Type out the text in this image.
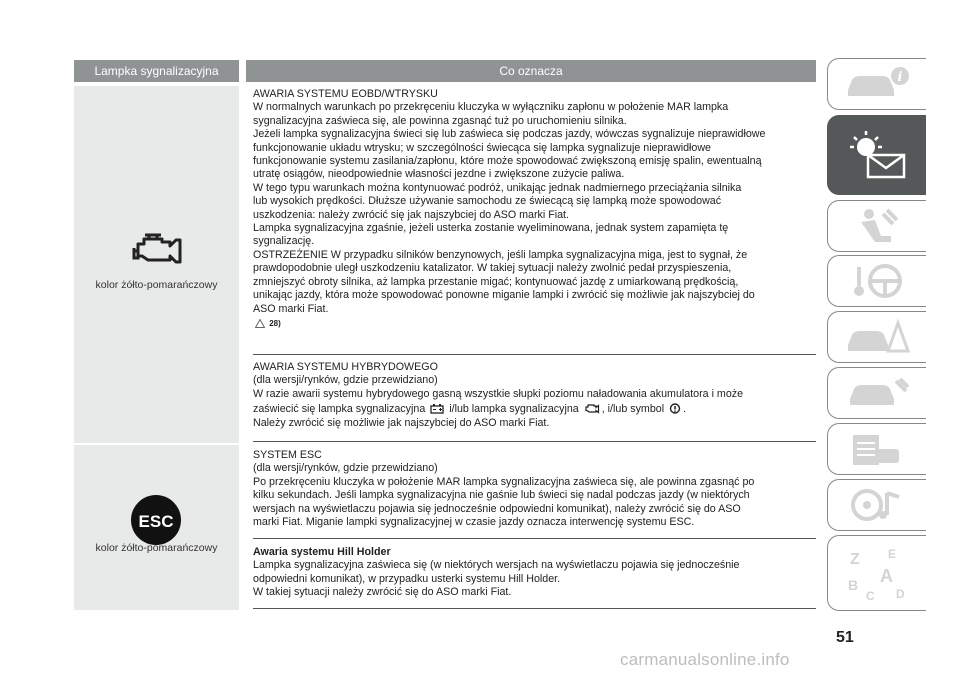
Lampka sygnalizacyjna	Co oznacza
kolor żółto-pomarańczowy
ESC
kolor żółto-pomarańczowy

AWARIA SYSTEMU EOBD/WTRYSKU

W normalnych warunkach po przekręceniu kluczyka w wyłączniku zapłonu w położenie MAR lampka

sygnalizacyjna zaświeca się, ale powinna zgasnąć tuż po uruchomieniu silnika.

Jeżeli lampka sygnalizacyjna świeci się lub zaświeca się podczas jazdy, wówczas sygnalizuje nieprawidłowe

funkcjonowanie układu wtrysku; w szczególności świecąca się lampka sygnalizuje nieprawidłowe

funkcjonowanie systemu zasilania/zapłonu, które może spowodować zwiększoną emisję spalin, ewentualną

utratę osiągów, nieodpowiednie własności jezdne i zwiększone zużycie paliwa.

W tego typu warunkach można kontynuować podróż, unikając jednak nadmiernego przeciążania silnika

lub wysokich prędkości. Dłuższe używanie samochodu ze świecącą się lampką może spowodować

uszkodzenia: należy zwrócić się jak najszybciej do ASO marki Fiat.

Lampka sygnalizacyjna zgaśnie, jeżeli usterka zostanie wyeliminowana, jednak system zapamięta tę

sygnalizację.

OSTRZEŻENIE W przypadku silników benzynowych, jeśli lampka sygnalizacyjna miga, jest to sygnał, że

prawdopodobnie uległ uszkodzeniu katalizator. W takiej sytuacji należy zwolnić pedał przyspieszenia,

zmniejszyć obroty silnika, aż lampka przestanie migać; kontynuować jazdę z umiarkowaną prędkością,

unikając jazdy, która może spowodować ponowne miganie lampki i zwrócić się możliwie jak najszybciej do

ASO marki Fiat.

28)

AWARIA SYSTEMU HYBRYDOWEGO

(dla wersji/rynków, gdzie przewidziano)

W razie awarii systemu hybrydowego gasną wszystkie słupki poziomu naładowania akumulatora i może

zaświecić się lampka sygnalizacyjna i/lub lampka sygnalizacyjna , i/lub symbol .

Należy zwrócić się możliwie jak najszybciej do ASO marki Fiat.

SYSTEM ESC

(dla wersji/rynków, gdzie przewidziano)

Po przekręceniu kluczyka w położenie MAR lampka sygnalizacyjna zaświeca się, ale powinna zgasnąć po

kilku sekundach. Jeśli lampka sygnalizacyjna nie gaśnie lub świeci się nadal podczas jazdy (w niektórych

wersjach na wyświetlaczu pojawia się jednocześnie odpowiedni komunikat), należy zwrócić się do ASO

marki Fiat. Miganie lampki sygnalizacyjnej w czasie jazdy oznacza interwencję systemu ESC.

Awaria systemu Hill Holder

Lampka sygnalizacyjna zaświeca się (w niektórych wersjach na wyświetlaczu pojawia się jednocześnie

odpowiedni komunikat), w przypadku usterki systemu Hill Holder.

W takiej sytuacji należy zwrócić się do ASO marki Fiat.

i
Z E
A
B
C D
51
carmanualsonline.info
